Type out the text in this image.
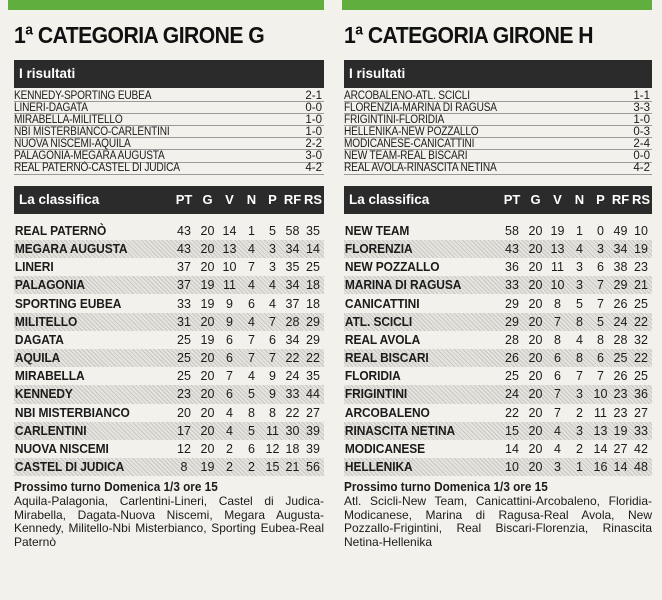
1ª CATEGORIA GIRONE G
I risultati
KENNEDY-SPORTING EUBEA	2-1
LINERI-DAGATA	0-0
MIRABELLA-MILITELLO	1-0
NBI MISTERBIANCO-CARLENTINI	1-0
NUOVA NISCEMI-AQUILA	2-2
PALAGONIA-MEGARA AUGUSTA	3-0
REAL PATERNÒ-CASTEL DI JUDICA	4-2
La classifica	PT G V N P RF RS
REAL PATERNÒ	43 20 14 1	5 58 35
MEGARA AUGUSTA	43 20 13 4	3 34 14
LINERI	37 20 10 7	3 35 25
PALAGONIA	37 19 11 4	4 34 18
SPORTING EUBEA	33 19 9	6	4 37 18
MILITELLO	31 20 9	4	7 28 29
DAGATA	25 19 6	7	6 34 29
AQUILA	25 20 6	7	7 22 22
MIRABELLA	25 20 7	4	9 24 35
KENNEDY	23 20 6	5	9 33 44
NBI MISTERBIANCO	20 20 4	8	8 22 27
CARLENTINI	17 20 4	5 11 30 39
NUOVA NISCEMI	12 20 2	6 12 18 39
CASTEL DI JUDICA	8	19 2	2 15 21 56
Prossimo turno Domenica 1/3 ore 15
Aquila-Palagonia, Carlentini-Lineri, Castel di Judica-Mirabella, Dagata-Nuova Niscemi, Megara Augusta-Kennedy, Militello-Nbi Misterbianco, Sporting Eubea-Real Paternò
1ª CATEGORIA GIRONE H
I risultati
ARCOBALENO-ATL. SCICLI	1-1
FLORENZIA-MARINA DI RAGUSA	3-3
FRIGINTINI-FLORIDIA	1-0
HELLENIKA-NEW POZZALLO	0-3
MODICANESE-CANICATTINI	2-4
NEW TEAM-REAL BISCARI	0-0
REAL AVOLA-RINASCITA NETINA	4-2
La classifica	PT G V N P RF RS
NEW TEAM	58 20 19 1	0 49 10
FLORENZIA	43 20 13 4	3 34 19
NEW POZZALLO	36 20 11 3	6 38 23
MARINA DI RAGUSA	33 20 10 3	7 29 21
CANICATTINI	29 20 8	5	7 26 25
ATL. SCICLI	29 20 7	8	5 24 22
REAL AVOLA	28 20 8	4	8 28 32
REAL BISCARI	26 20 6	8	6 25 22
FLORIDIA	25 20 6	7	7 26 25
FRIGINTINI	24 20 7	3 10 23 36
ARCOBALENO	22 20 7	2 11 23 27
RINASCITA NETINA	15 20 4	3 13 19 33
MODICANESE	14 20 4	2 14 27 42
HELLENIKA	10 20 3	1 16 14 48
Prossimo turno Domenica 1/3 ore 15
Atl. Scicli-New Team, Canicattini-Arcobaleno, Floridia-Modicanese, Marina di Ragusa-Real Avola, New Pozzallo-Frigintini, Real Biscari-Florenzia, Rinascita Netina-Hellenika
